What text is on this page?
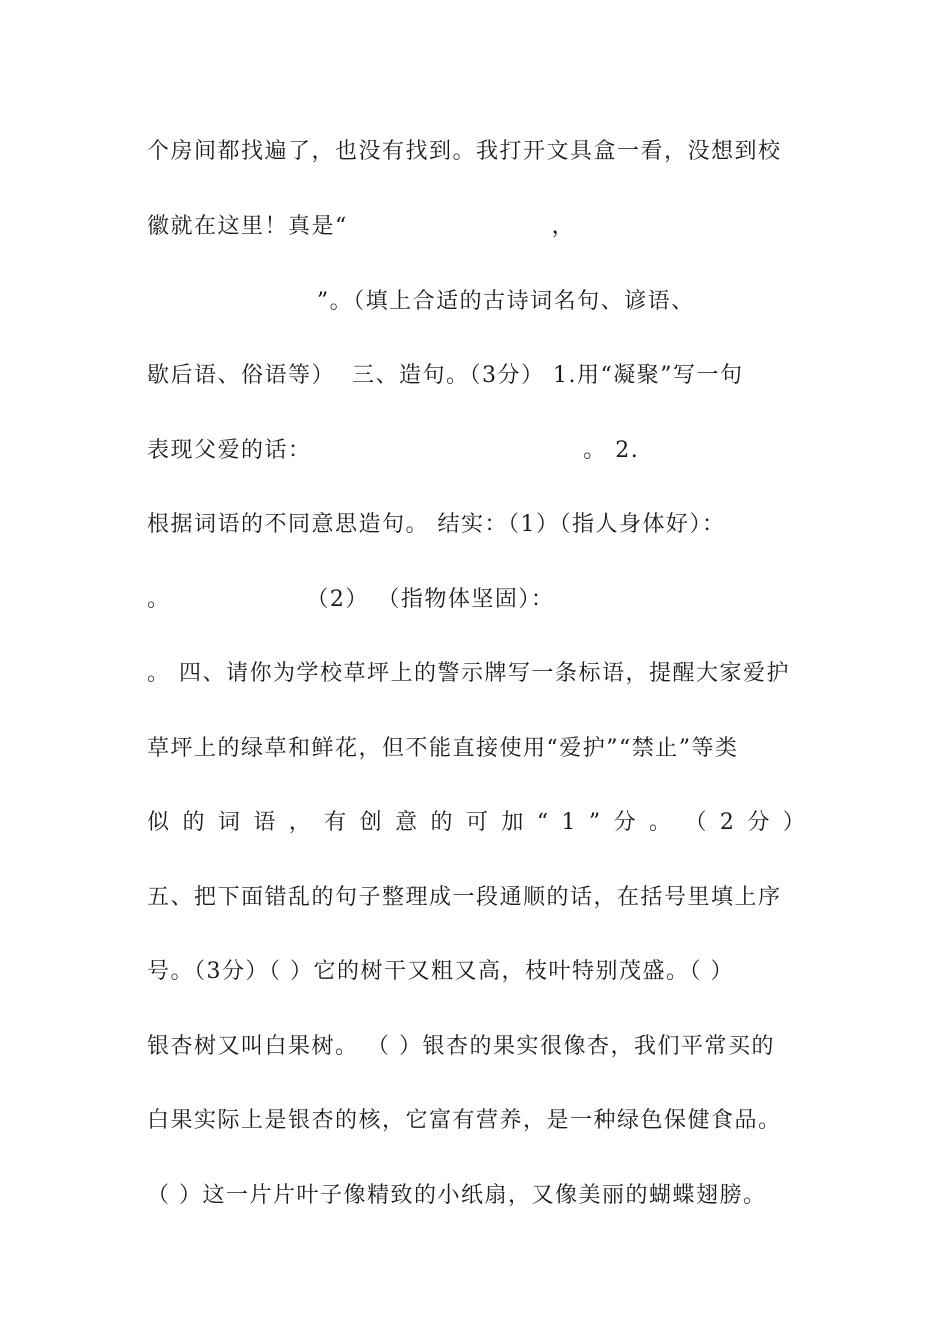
个房间都找遍了，也没有找到。我打开文具盒一看，没想到校
徽就在这里！真是“                        ，
”。（填上合适的古诗词名句、谚语、
歇后语、俗语等）  三、造句。（3分） 1.用“凝聚”写一句
表现父爱的话：                                。 2.
根据词语的不同意思造句。 结实：（1）（指人身体好）：
。                （2） （指物体坚固）：
。 四、请你为学校草坪上的警示牌写一条标语，提醒大家爱护
草坪上的绿草和鲜花，但不能直接使用“爱护”“禁止”等类
似 的 词 语 ， 有 创 意 的 可 加 “ 1 ” 分 。 （ 2 分 ）
五、把下面错乱的句子整理成一段通顺的话，在括号里填上序
号。（3分）（ ）它的树干又粗又高，枝叶特别茂盛。（ ）
银杏树又叫白果树。 （ ）银杏的果实很像杏，我们平常买的
白果实际上是银杏的核，它富有营养，是一种绿色保健食品。
（ ）这一片片叶子像精致的小纸扇，又像美丽的蝴蝶翅膀。
